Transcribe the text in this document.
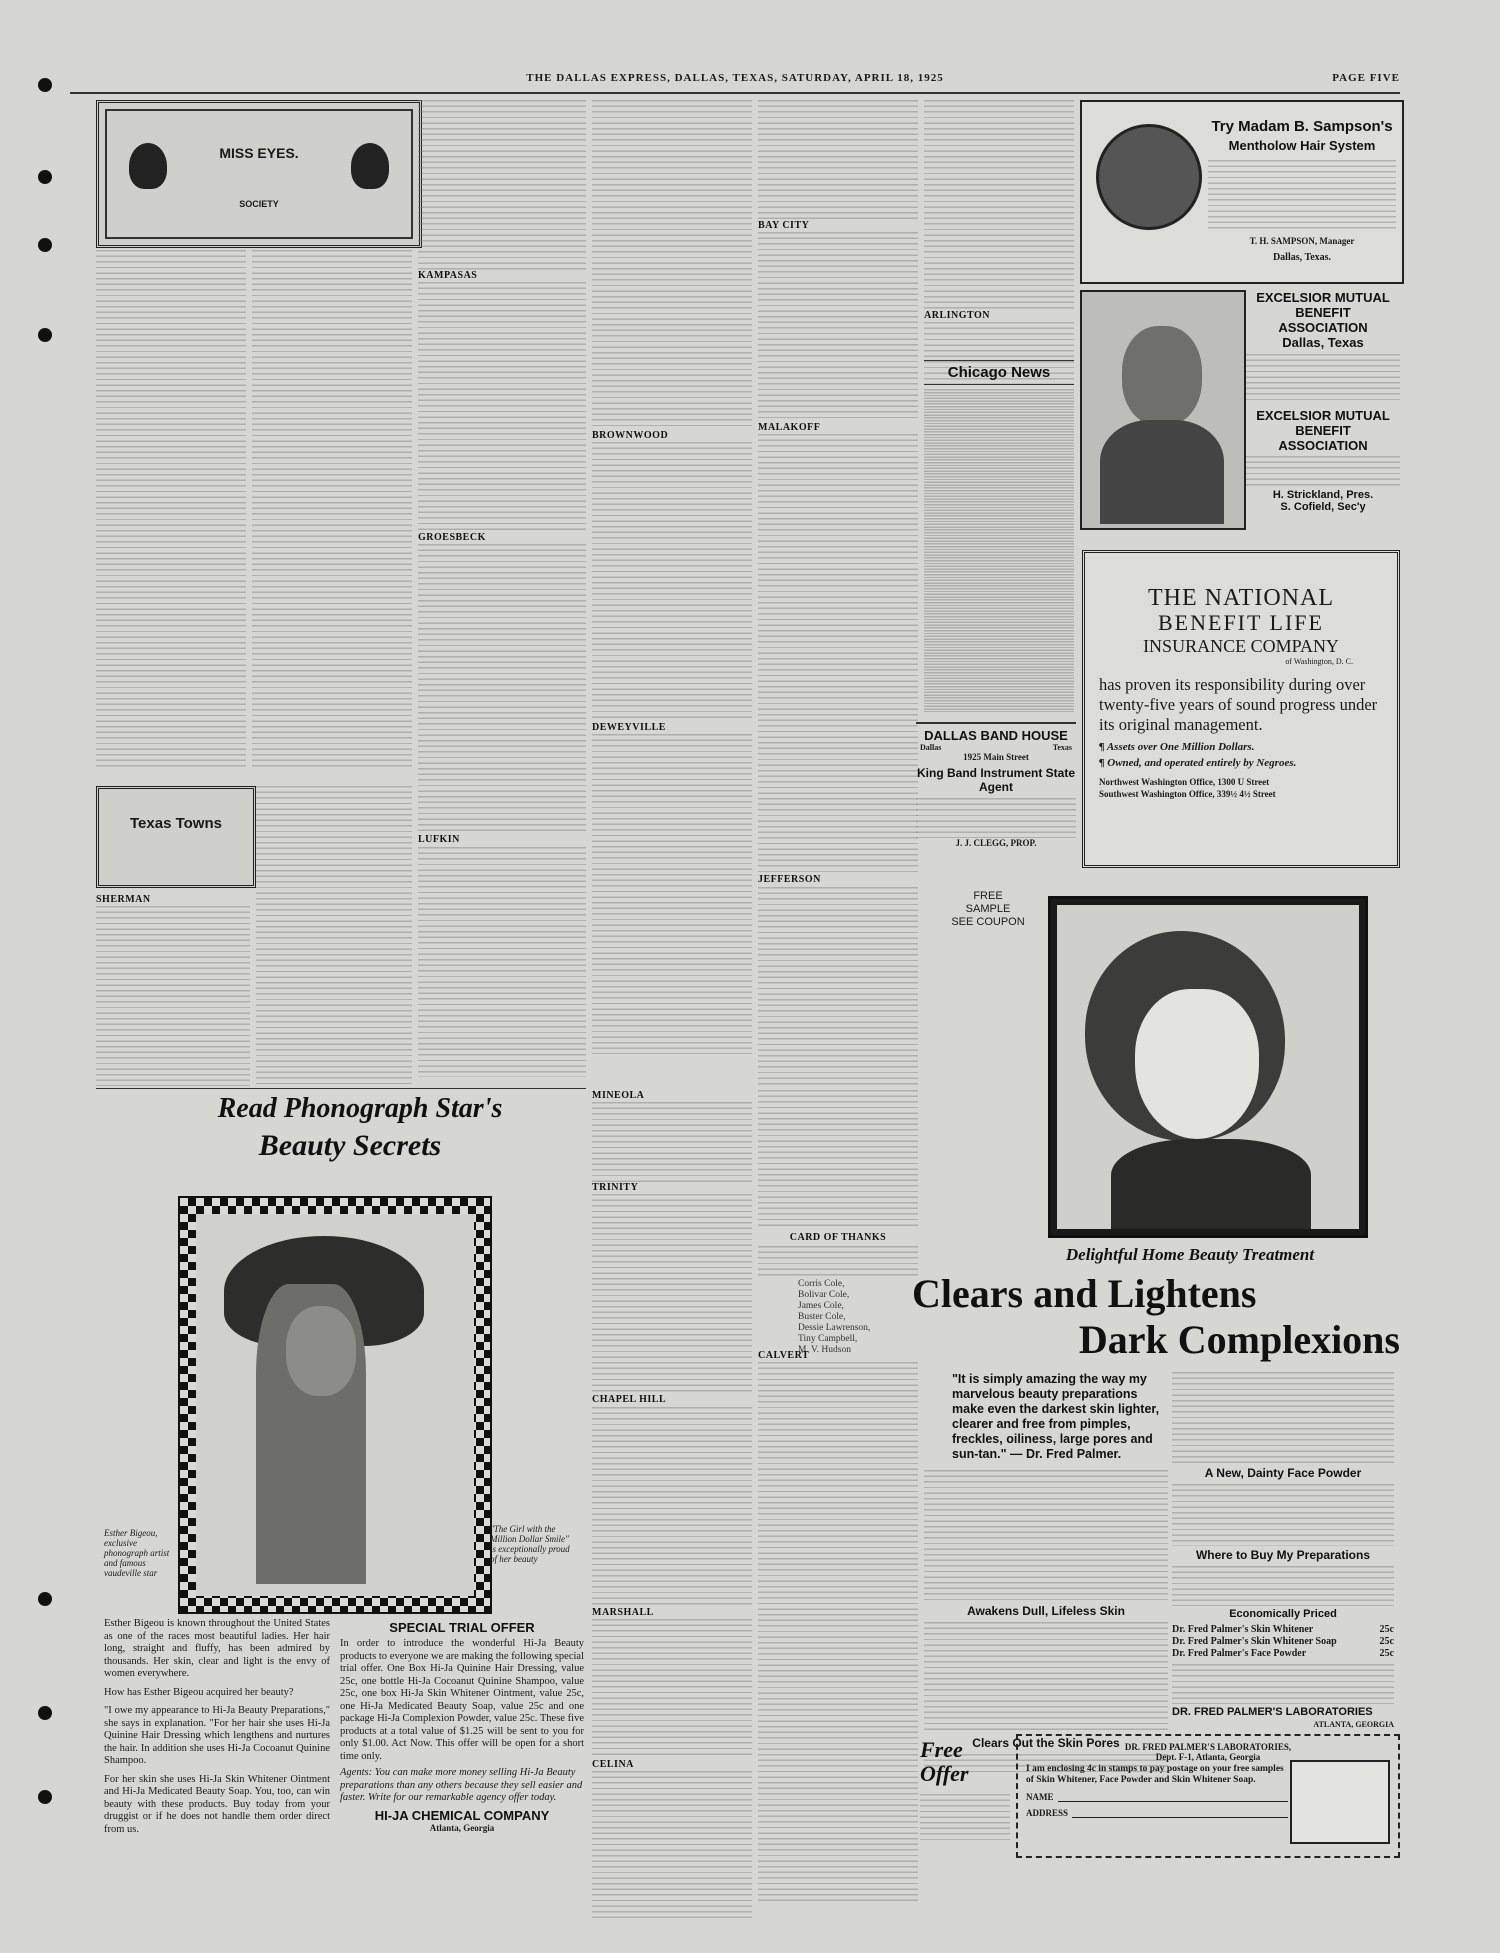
THE DALLAS EXPRESS, DALLAS, TEXAS, SATURDAY, APRIL 18, 1925	PAGE FIVE
MISS EYES.
SOCIETY
Texas Towns
SHERMAN
KAMPASAS
GROESBECK
LUFKIN
BROWNWOOD
DEWEYVILLE
BAY CITY
MALAKOFF
JEFFERSON
ARLINGTON
MINEOLA
TRINITY
CHAPEL HILL
MARSHALL
CELINA
CARD OF THANKS
Corris Cole,
Bolivar Cole,
James Cole,
Buster Cole,
Dessie Lawrenson,
Tiny Campbell,
M. V. Hudson
CALVERT
Try Madam B. Sampson's
Mentholow Hair System
T. H. SAMPSON, Manager
Dallas, Texas.
EXCELSIOR MUTUAL
BENEFIT
ASSOCIATION
Dallas, Texas
EXCELSIOR MUTUAL
BENEFIT
ASSOCIATION
H. Strickland, Pres.
S. Cofield, Sec'y
Chicago News
THE NATIONAL
BENEFIT LIFE
INSURANCE COMPANY
of Washington, D. C.
has proven its responsibility during over twenty-five years of sound progress under its original management.
¶ Assets over One Million Dollars.
¶ Owned, and operated entirely by Negroes.
Northwest Washington Office, 1300 U Street
Southwest Washington Office, 339½ 4½ Street
DALLAS BAND HOUSE
Dallas	Texas
1925 Main Street
King Band Instrument State Agent
J. J. CLEGG, PROP.
FREE
SAMPLE
SEE COUPON
Delightful Home Beauty Treatment
Clears and Lightens
Dark Complexions
"It is simply amazing the way my marvelous beauty preparations make even the darkest skin lighter, clearer and free from pimples, freckles, oiliness, large pores and sun-tan." — Dr. Fred Palmer.
Awakens Dull, Lifeless Skin
Clears Out the Skin Pores
A New, Dainty Face Powder
Where to Buy My Preparations
Economically Priced
Dr. Fred Palmer's Skin Whitener	25c
Dr. Fred Palmer's Skin Whitener Soap	25c
Dr. Fred Palmer's Face Powder	25c
DR. FRED PALMER'S LABORATORIES
ATLANTA, GEORGIA
Free Offer
DR. FRED PALMER'S LABORATORIES,
Dept. F-1, Atlanta, Georgia
I am enclosing 4c in stamps to pay postage on your free samples of Skin Whitener, Face Powder and Skin Whitener Soap.
NAME
ADDRESS
Read Phonograph Star's
Beauty Secrets
Esther Bigeou, exclusive phonograph artist and famous vaudeville star
"The Girl with the Million Dollar Smile" is exceptionally proud of her beauty

Esther Bigeou is known throughout the United States as one of the races most beautiful ladies. Her hair long, straight and fluffy, has been admired by thousands. Her skin, clear and light is the envy of women everywhere.

How has Esther Bigeou acquired her beauty?

"I owe my appearance to Hi-Ja Beauty Preparations," she says in explanation. "For her hair she uses Hi-Ja Quinine Hair Dressing which lengthens and nurtures the hair. In addition she uses Hi-Ja Cocoanut Quinine Shampoo.

For her skin she uses Hi-Ja Skin Whitener Ointment and Hi-Ja Medicated Beauty Soap. You, too, can win beauty with these products. Buy today from your druggist or if he does not handle them order direct from us.

SPECIAL TRIAL OFFER
In order to introduce the wonderful Hi-Ja Beauty products to everyone we are making the following special trial offer. One Box Hi-Ja Quinine Hair Dressing, value 25c, one bottle Hi-Ja Cocoanut Quinine Shampoo, value 25c, one box Hi-Ja Skin Whitener Ointment, value 25c, one Hi-Ja Medicated Beauty Soap, value 25c and one package Hi-Ja Complexion Powder, value 25c. These five products at a total value of $1.25 will be sent to you for only $1.00. Act Now. This offer will be open for a short time only.
Agents: You can make more money selling Hi-Ja Beauty preparations than any others because they sell easier and faster. Write for our remarkable agency offer today.
HI-JA CHEMICAL COMPANY
Atlanta, Georgia
